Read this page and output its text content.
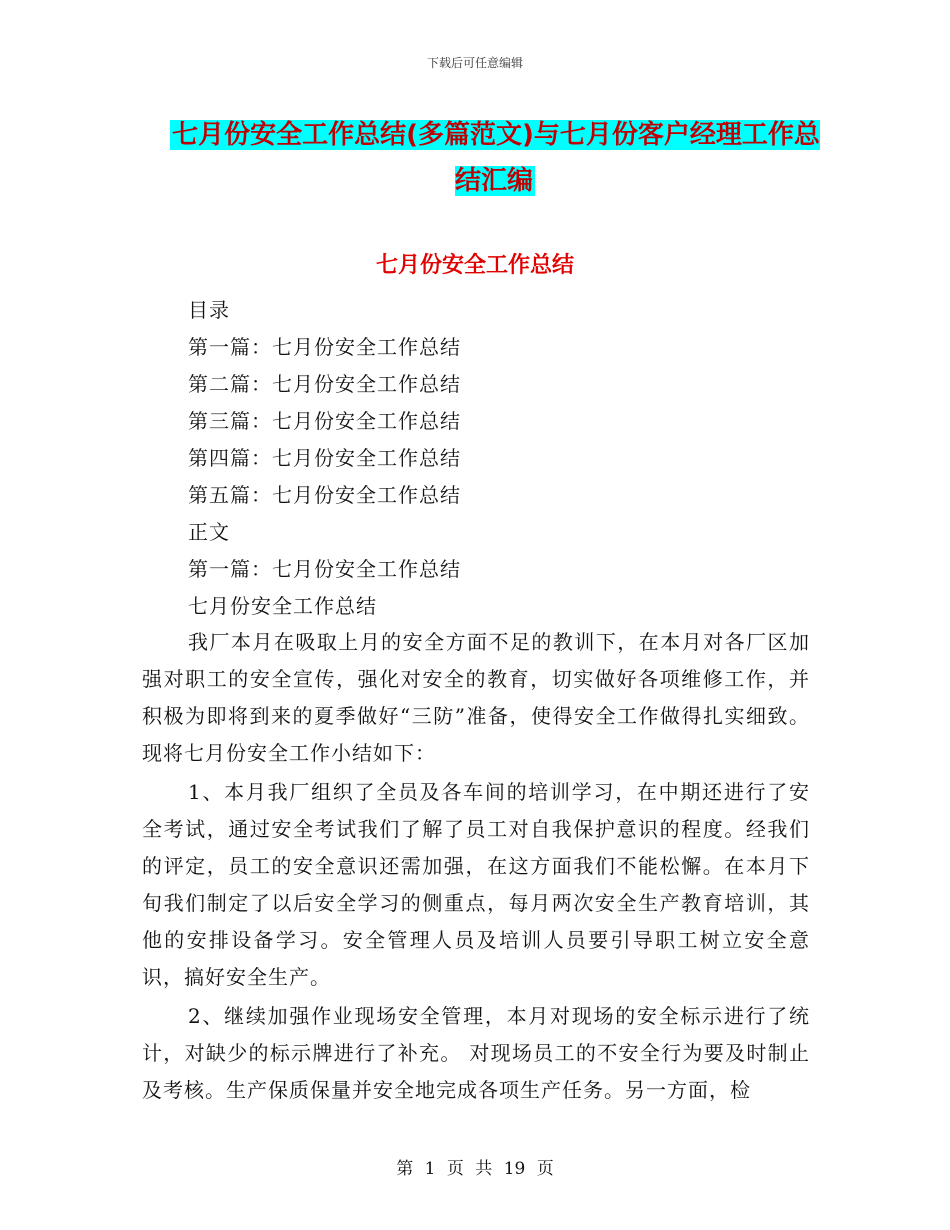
下载后可任意编辑
七月份安全工作总结(多篇范文)与七月份客户经理工作总结汇编
七月份安全工作总结
目录
第一篇：七月份安全工作总结
第二篇：七月份安全工作总结
第三篇：七月份安全工作总结
第四篇：七月份安全工作总结
第五篇：七月份安全工作总结
正文
第一篇：七月份安全工作总结
七月份安全工作总结

我厂本月在吸取上月的安全方面不足的教训下，在本月对各厂区加强对职工的安全宣传，强化对安全的教育，切实做好各项维修工作，并积极为即将到来的夏季做好“三防”准备，使得安全工作做得扎实细致。现将七月份安全工作小结如下：

1、本月我厂组织了全员及各车间的培训学习，在中期还进行了安全考试，通过安全考试我们了解了员工对自我保护意识的程度。经我们的评定，员工的安全意识还需加强，在这方面我们不能松懈。在本月下旬我们制定了以后安全学习的侧重点，每月两次安全生产教育培训，其他的安排设备学习。安全管理人员及培训人员要引导职工树立安全意识，搞好安全生产。

2、继续加强作业现场安全管理，本月对现场的安全标示进行了统计，对缺少的标示牌进行了补充。 对现场员工的不安全行为要及时制止及考核。生产保质保量并安全地完成各项生产任务。另一方面，检

第 1 页 共 19 页
